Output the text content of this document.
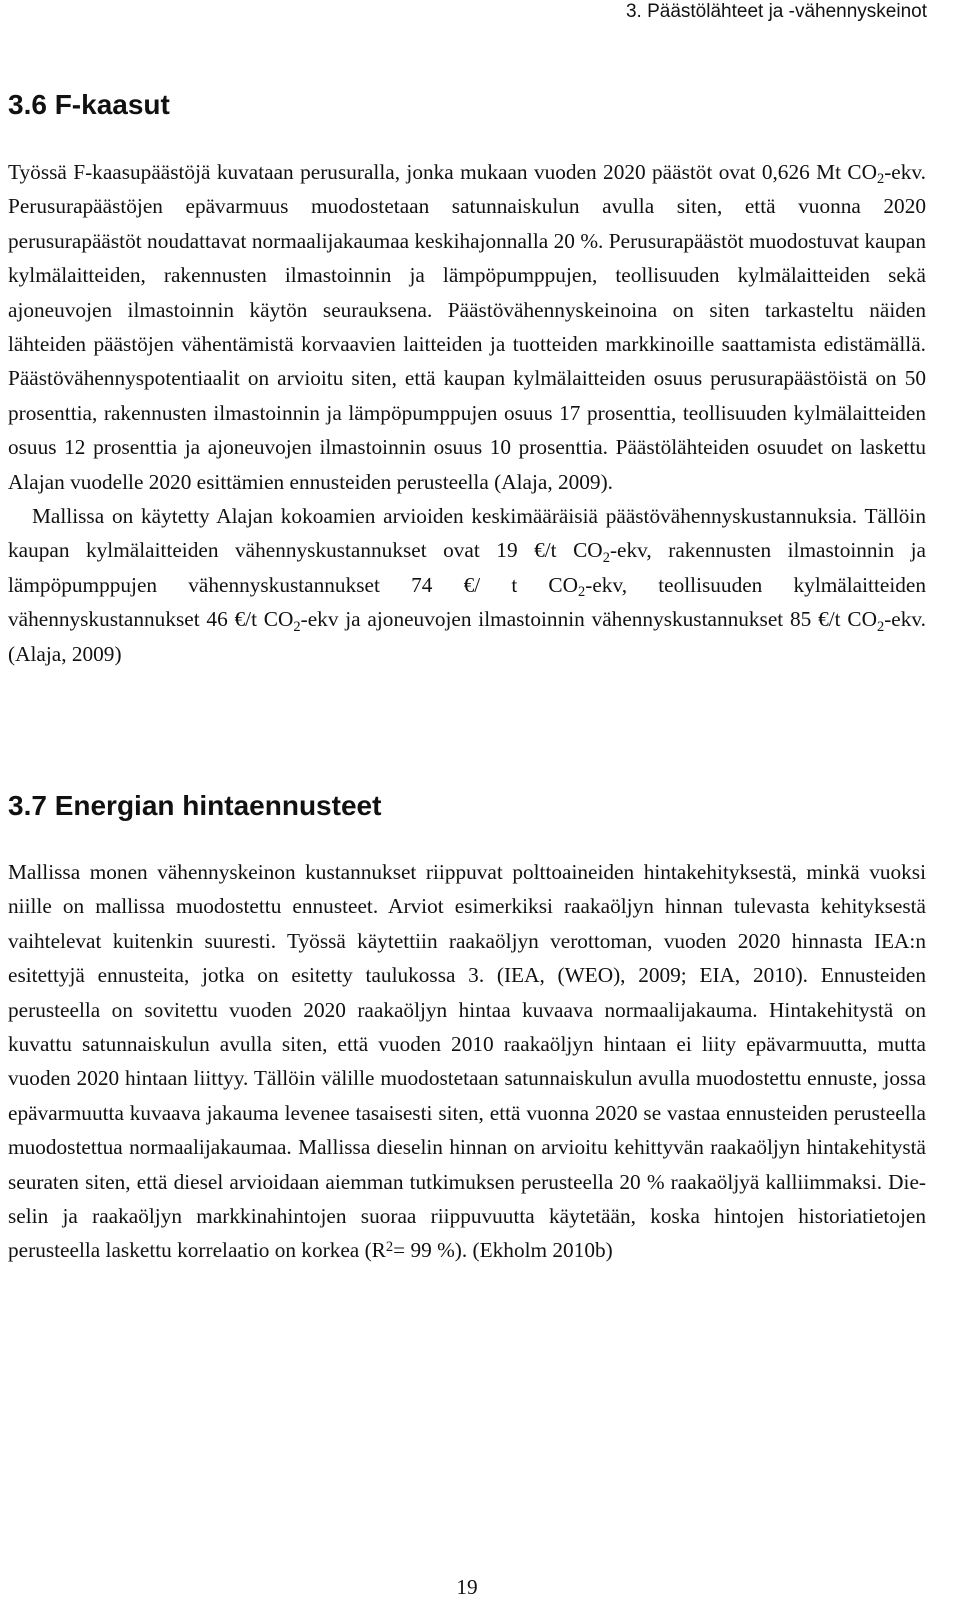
3. Päästölähteet ja -vähennyskeinot
3.6 F-kaasut

Työssä F-kaasupäästöjä kuvataan perusuralla, jonka mukaan vuoden 2020 päästöt ovat 0,626 Mt $CO_2$-ekv. Perusurapäästöjen epävarmuus muodostetaan satunnaiskulun avulla siten, että vuonna 2020 perusurapäästöt noudattavat normaalijakaumaa keskihajonnalla 20 %. Perusurapäästöt muodostuvat kaupan kylmälaitteiden, rakennusten ilmastoinnin ja lämpöpumppujen, teollisuuden kylmälaitteiden sekä ajoneuvojen ilmastoinnin käytön seurauksena. Päästövähennyskeinoina on siten tarkasteltu näiden lähteiden päästöjen vähentämistä korvaavien laitteiden ja tuotteiden markkinoille saattamista edistämällä. Päästövähennyspotentiaalit on arvioitu siten, että kaupan kylmälaitteiden osuus perusurapäästöistä on 50 prosenttia, rakennusten ilmastoinnin ja lämpöpumppujen osuus 17 prosenttia, teollisuuden kylmälaitteiden osuus 12 prosenttia ja ajoneuvojen ilmastoinnin osuus 10 prosenttia. Päästölähteiden osuudet on laskettu Alajan vuodelle 2020 esittämien ennusteiden perusteella (Alaja, 2009).

Mallissa on käytetty Alajan kokoamien arvioiden keskimääräisiä päästövähennyskustannuksia. Tällöin kaupan kylmälaitteiden vähennyskustannukset ovat 19 €/t $CO_2$-ekv, rakennusten ilmastoinnin ja lämpöpumppujen vähennyskustannukset 74 €/ t $CO_2$-ekv, teollisuuden kylmälaitteiden vähennyskustannukset 46 €/t $CO_2$-ekv ja ajoneuvojen ilmastoinnin vähennyskustannukset 85 €/t $CO_2$-ekv. (Alaja, 2009)

3.7 Energian hintaennusteet

Mallissa monen vähennyskeinon kustannukset riippuvat polttoaineiden hintakehityksestä, minkä vuoksi niille on mallissa muodostettu ennusteet. Arviot esimerkiksi raakaöljyn hinnan tulevasta kehityksestä vaihtelevat kuitenkin suuresti. Työssä käytettiin raakaöljyn verottoman, vuoden 2020 hinnasta IEA:n esitettyjä ennusteita, jotka on esitetty taulukossa 3. (IEA, (WEO), 2009; EIA, 2010). Ennusteiden perusteella on sovitettu vuoden 2020 raakaöljyn hintaa kuvaava normaalijakauma. Hintakehitystä on kuvattu satunnaiskulun avulla siten, että vuoden 2010 raakaöljyn hintaan ei liity epävarmuutta, mutta vuoden 2020 hintaan liittyy. Tällöin välille muodostetaan satunnaiskulun avulla muodostettu ennuste, jossa epävarmuutta kuvaava jakauma levenee tasaisesti siten, että vuonna 2020 se vastaa ennusteiden perusteella muodostettua normaalijakaumaa. Mallissa dieselin hinnan on arvioitu kehittyvän raakaöljyn hintakehitystä seuraten siten, että diesel arvioidaan aiemman tutkimuksen perusteella 20 % raakaöljyä kalliimmaksi. Dieselin ja raakaöljyn markkinahintojen suoraa riippuvuutta käytetään, koska hintojen historiatietojen perusteella laskettu korrelaatio on korkea ($R^2= 99$ %). (Ekholm 2010b)

19
